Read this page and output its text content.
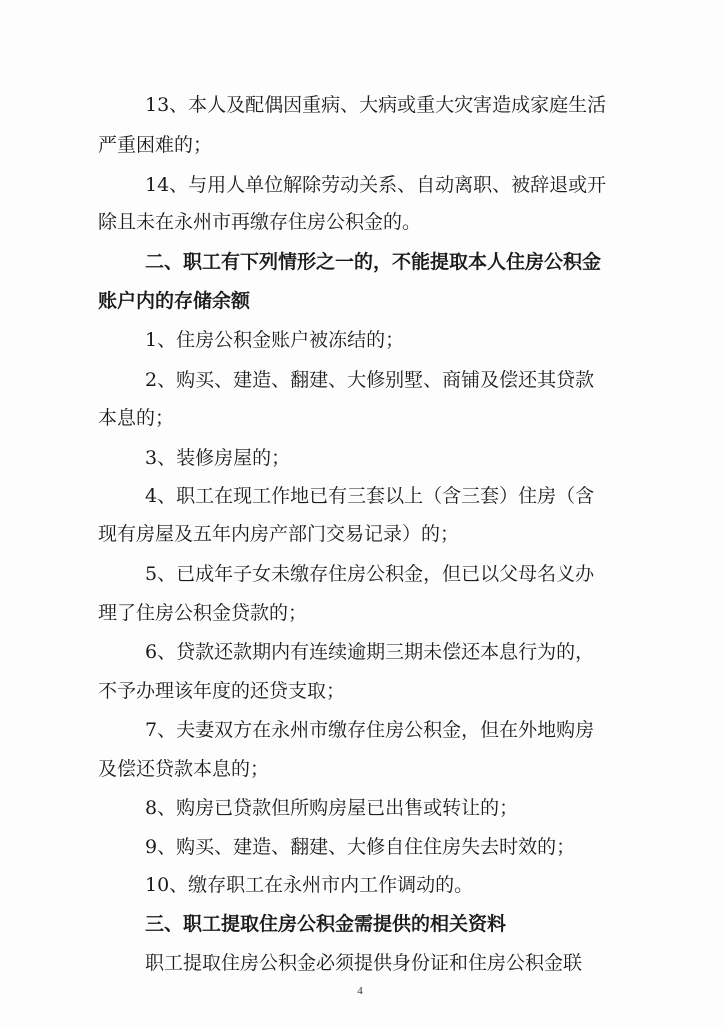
13、本人及配偶因重病、大病或重大灾害造成家庭生活
严重困难的；
14、与用人单位解除劳动关系、自动离职、被辞退或开
除且未在永州市再缴存住房公积金的。
二、职工有下列情形之一的，不能提取本人住房公积金
账户内的存储余额
1、住房公积金账户被冻结的；
2、购买、建造、翻建、大修别墅、商铺及偿还其贷款
本息的；
3、装修房屋的；
4、职工在现工作地已有三套以上（含三套）住房（含
现有房屋及五年内房产部门交易记录）的；
5、已成年子女未缴存住房公积金，但已以父母名义办
理了住房公积金贷款的；
6、贷款还款期内有连续逾期三期未偿还本息行为的，
不予办理该年度的还贷支取；
7、夫妻双方在永州市缴存住房公积金，但在外地购房
及偿还贷款本息的；
8、购房已贷款但所购房屋已出售或转让的；
9、购买、建造、翻建、大修自住住房失去时效的；
10、缴存职工在永州市内工作调动的。
三、职工提取住房公积金需提供的相关资料
职工提取住房公积金必须提供身份证和住房公积金联
4
